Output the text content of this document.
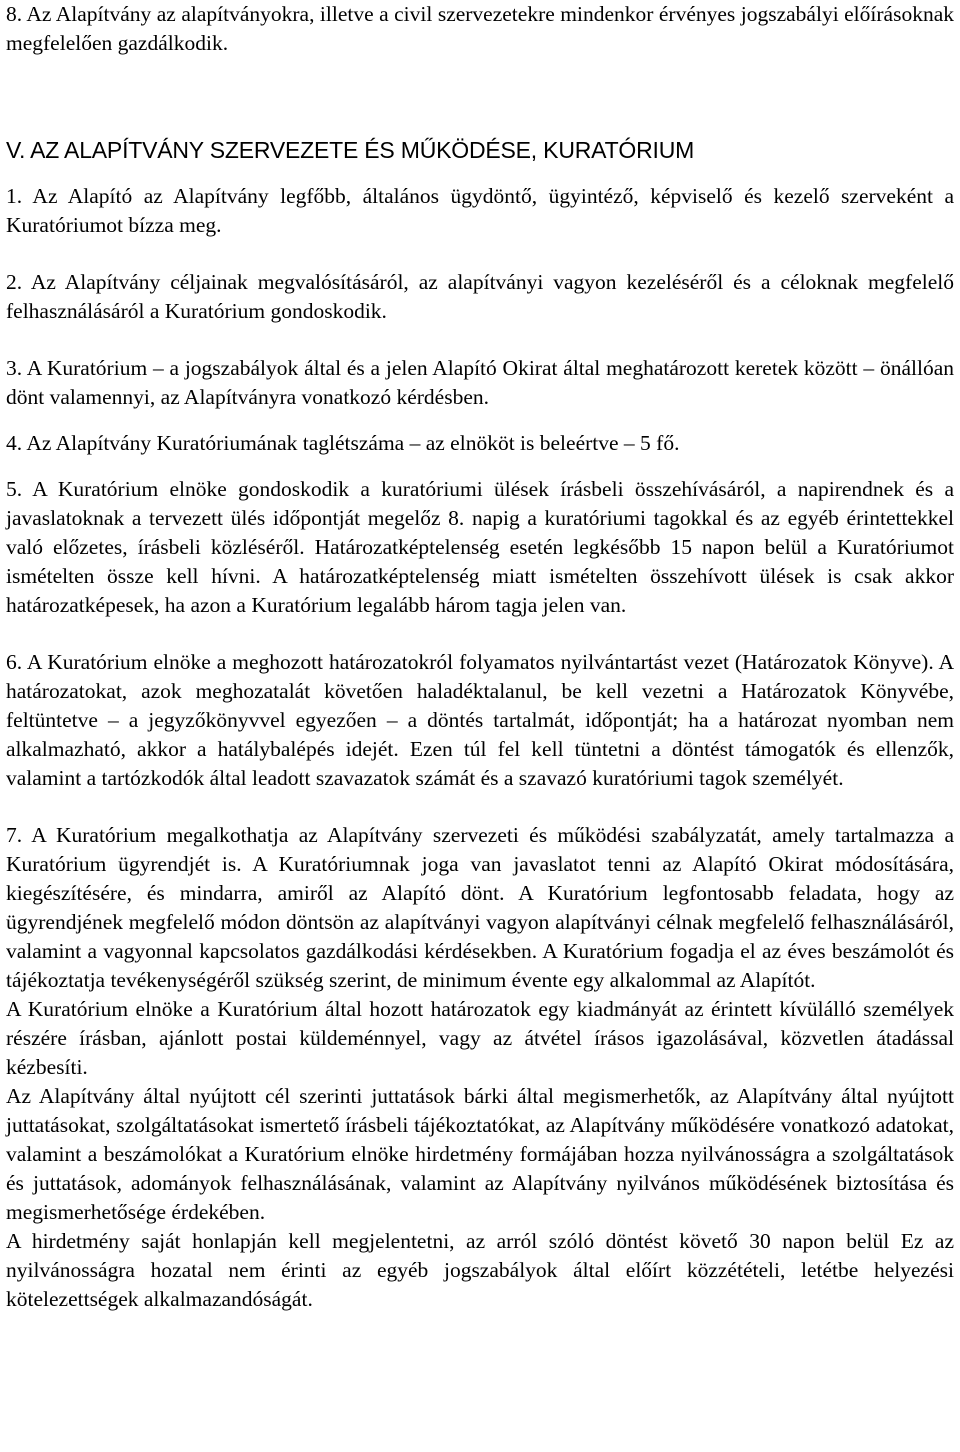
8. Az Alapítvány az alapítványokra, illetve a civil szervezetekre mindenkor érvényes jogszabályi előírásoknak megfelelően gazdálkodik.

V. AZ ALAPÍTVÁNY SZERVEZETE ÉS MŰKÖDÉSE, KURATÓRIUM

1. Az Alapító az Alapítvány legfőbb, általános ügydöntő, ügyintéző, képviselő és kezelő szerveként a Kuratóriumot bízza meg.

2. Az Alapítvány céljainak megvalósításáról, az alapítványi vagyon kezeléséről és a céloknak megfelelő felhasználásáról a Kuratórium gondoskodik.

3. A Kuratórium – a jogszabályok által és a jelen Alapító Okirat által meghatározott keretek között – önállóan dönt valamennyi, az Alapítványra vonatkozó kérdésben.

4. Az Alapítvány Kuratóriumának taglétszáma – az elnököt is beleértve – 5 fő.

5. A Kuratórium elnöke gondoskodik a kuratóriumi ülések írásbeli összehívásáról, a napirendnek és a javaslatoknak a tervezett ülés időpontját megelőz 8. napig a kuratóriumi tagokkal és az egyéb érintettekkel való előzetes, írásbeli közléséről. Határozatképtelenség esetén legkésőbb 15 napon belül a Kuratóriumot ismételten össze kell hívni. A határozatképtelenség miatt ismételten összehívott ülések is csak akkor határozatképesek, ha azon a Kuratórium legalább három tagja jelen van.

6. A Kuratórium elnöke a meghozott határozatokról folyamatos nyilvántartást vezet (Határozatok Könyve). A határozatokat, azok meghozatalát követően haladéktalanul, be kell vezetni a Határozatok Könyvébe, feltüntetve – a jegyzőkönyvvel egyezően – a döntés tartalmát, időpontját; ha a határozat nyomban nem alkalmazható, akkor a hatálybalépés idejét. Ezen túl fel kell tüntetni a döntést támogatók és ellenzők, valamint a tartózkodók által leadott szavazatok számát és a szavazó kuratóriumi tagok személyét.

7. A Kuratórium megalkothatja az Alapítvány szervezeti és működési szabályzatát, amely tartalmazza a Kuratórium ügyrendjét is. A Kuratóriumnak joga van javaslatot tenni az Alapító Okirat módosítására, kiegészítésére, és mindarra, amiről az Alapító dönt. A Kuratórium legfontosabb feladata, hogy az ügyrendjének megfelelő módon döntsön az alapítványi vagyon alapítványi célnak megfelelő felhasználásáról, valamint a vagyonnal kapcsolatos gazdálkodási kérdésekben. A Kuratórium fogadja el az éves beszámolót és tájékoztatja tevékenységéről szükség szerint, de minimum évente egy alkalommal az Alapítót.

A Kuratórium elnöke a Kuratórium által hozott határozatok egy kiadmányát az érintett kívülálló személyek részére írásban, ajánlott postai küldeménnyel, vagy az átvétel írásos igazolásával, közvetlen átadással kézbesíti.

Az Alapítvány által nyújtott cél szerinti juttatások bárki által megismerhetők, az Alapítvány által nyújtott juttatásokat, szolgáltatásokat ismertető írásbeli tájékoztatókat, az Alapítvány működésére vonatkozó adatokat, valamint a beszámolókat a Kuratórium elnöke hirdetmény formájában hozza nyilvánosságra a szolgáltatások és juttatások, adományok felhasználásának, valamint az Alapítvány nyilvános működésének biztosítása és megismerhetősége érdekében.

A hirdetmény saját honlapján kell megjelentetni, az arról szóló döntést követő 30 napon belül Ez az nyilvánosságra hozatal nem érinti az egyéb jogszabályok által előírt közzétételi, letétbe helyezési kötelezettségek alkalmazandóságát.
